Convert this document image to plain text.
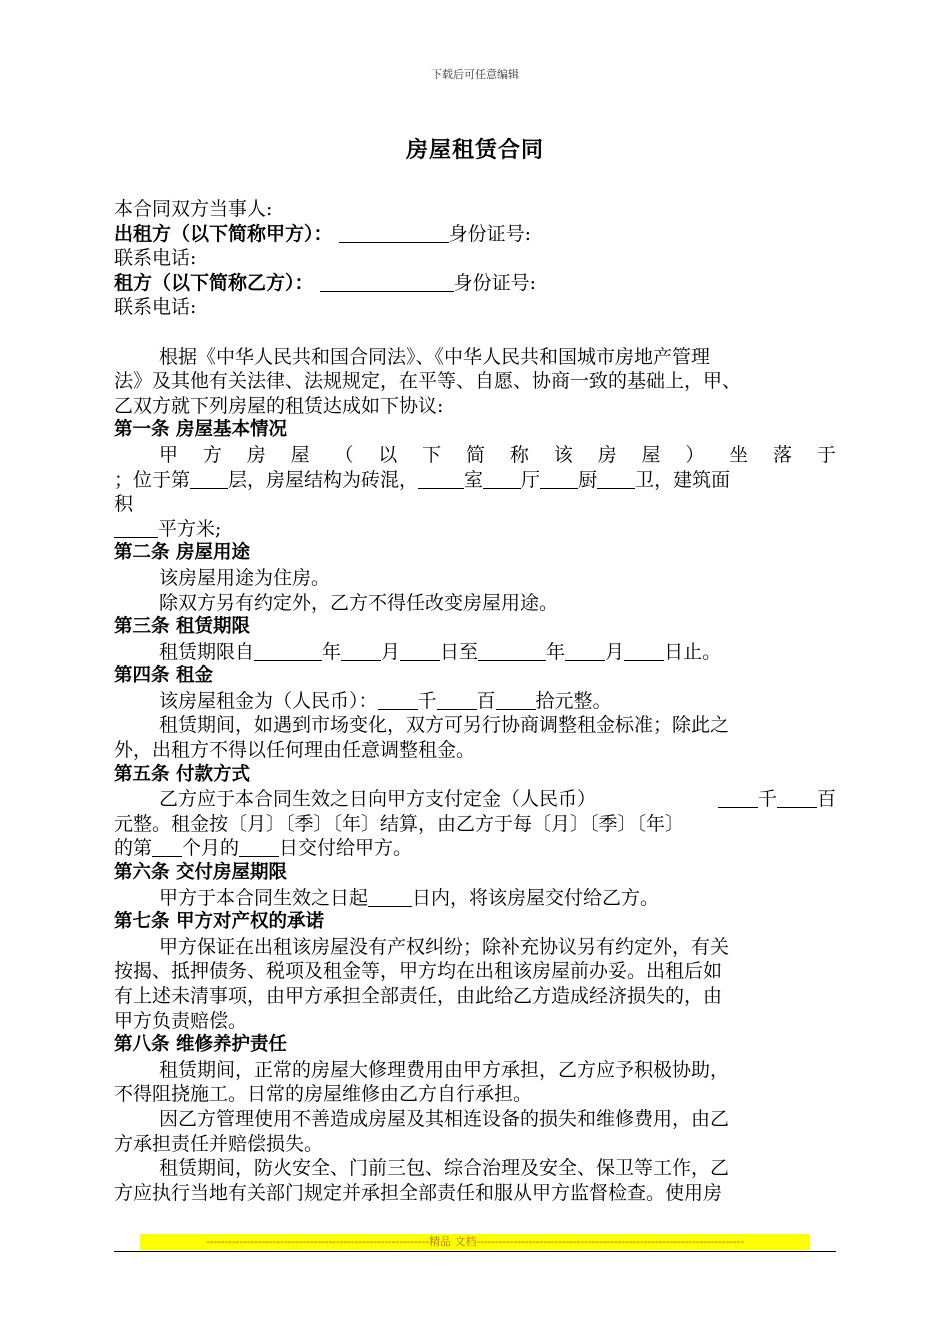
下载后可任意编辑
房屋租赁合同
本合同双方当事人:
出租方（以下简称甲方）：	身份证号:
联系电话:
租方（以下简称乙方）：	身份证号:
联系电话:
根据《中华人民共和国合同法》、《中华人民共和国城市房地产管理
法》及其他有关法律、法规规定，在平等、自愿、协商一致的基础上，甲、
乙双方就下列房屋的租赁达成如下协议:
第一条 房屋基本情况
甲 方 房 屋 （ 以 下 简 称 该 房 屋 ） 坐 落 于
；位于第 层，房屋结构为砖混， 室 厅 厨 卫，建筑面
积
平方米;
第二条 房屋用途
该房屋用途为住房。
除双方另有约定外，乙方不得任改变房屋用途。
第三条 租赁期限
租赁期限自	年 月 日至	年 月 日止。
第四条 租金
该房屋租金为（人民币）： 千 百 拾元整。
租赁期间，如遇到市场变化，双方可另行协商调整租金标准；除此之
外，出租方不得以任何理由任意调整租金。
第五条 付款方式
乙方应于本合同生效之日向甲方支付定金（人民币）	千 百
元整。租金按〔月〕〔季〕〔年〕结算，由乙方于每〔月〕〔季〕〔年〕
的第 个月的 日交付给甲方。
第六条 交付房屋期限
甲方于本合同生效之日起 日内，将该房屋交付给乙方。
第七条 甲方对产权的承诺
甲方保证在出租该房屋没有产权纠纷；除补充协议另有约定外，有关
按揭、抵押债务、税项及租金等，甲方均在出租该房屋前办妥。出租后如
有上述未清事项，由甲方承担全部责任，由此给乙方造成经济损失的，由
甲方负责赔偿。
第八条 维修养护责任
租赁期间，正常的房屋大修理费用由甲方承担，乙方应予积极协助，
不得阻挠施工。日常的房屋维修由乙方自行承担。
因乙方管理使用不善造成房屋及其相连设备的损失和维修费用，由乙
方承担责任并赔偿损失。
租赁期间，防火安全、门前三包、综合治理及安全、保卫等工作，乙
方应执行当地有关部门规定并承担全部责任和服从甲方监督检查。使用房
------------------------------------------------------------精品 文档------------------------------------------------------------------------
